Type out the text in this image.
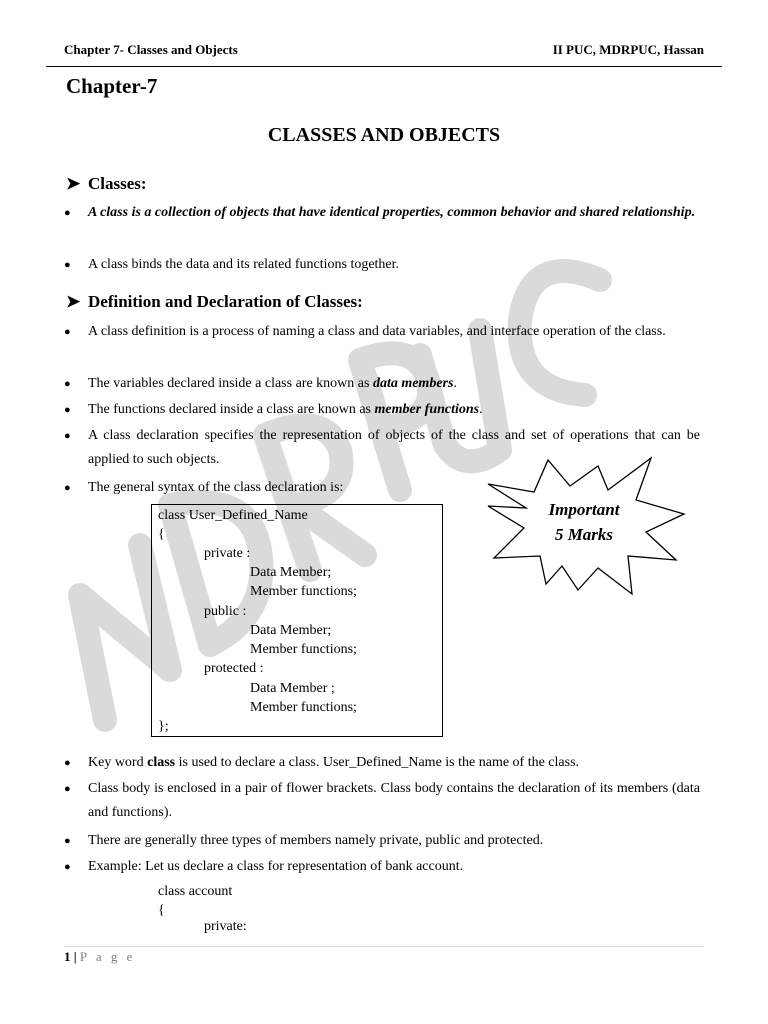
Chapter 7- Classes and Objects	II PUC, MDRPUC, Hassan
Chapter-7
CLASSES AND OBJECTS
➤ Classes:
● A class is a collection of objects that have identical properties, common behavior and shared relationship.
● A class binds the data and its related functions together.
➤ Definition and Declaration of Classes:
● A class definition is a process of naming a class and data variables, and interface operation of the class.
● The variables declared inside a class are known as data members.
● The functions declared inside a class are known as member functions.
● A class declaration specifies the representation of objects of the class and set of operations that can be applied to such objects.
● The general syntax of the class declaration is:
class User_Defined_Name
{
private :
Data Member;
Member functions;
public :
Data Member;
Member functions;
protected :
Data Member ;
Member functions;
};
Important
5 Marks
● Key word class is used to declare a class. User_Defined_Name is the name of the class.
● Class body is enclosed in a pair of flower brackets. Class body contains the declaration of its members (data and functions).
● There are generally three types of members namely private, public and protected.
● Example: Let us declare a class for representation of bank account.
class account
{
private:
1 | P a g e
